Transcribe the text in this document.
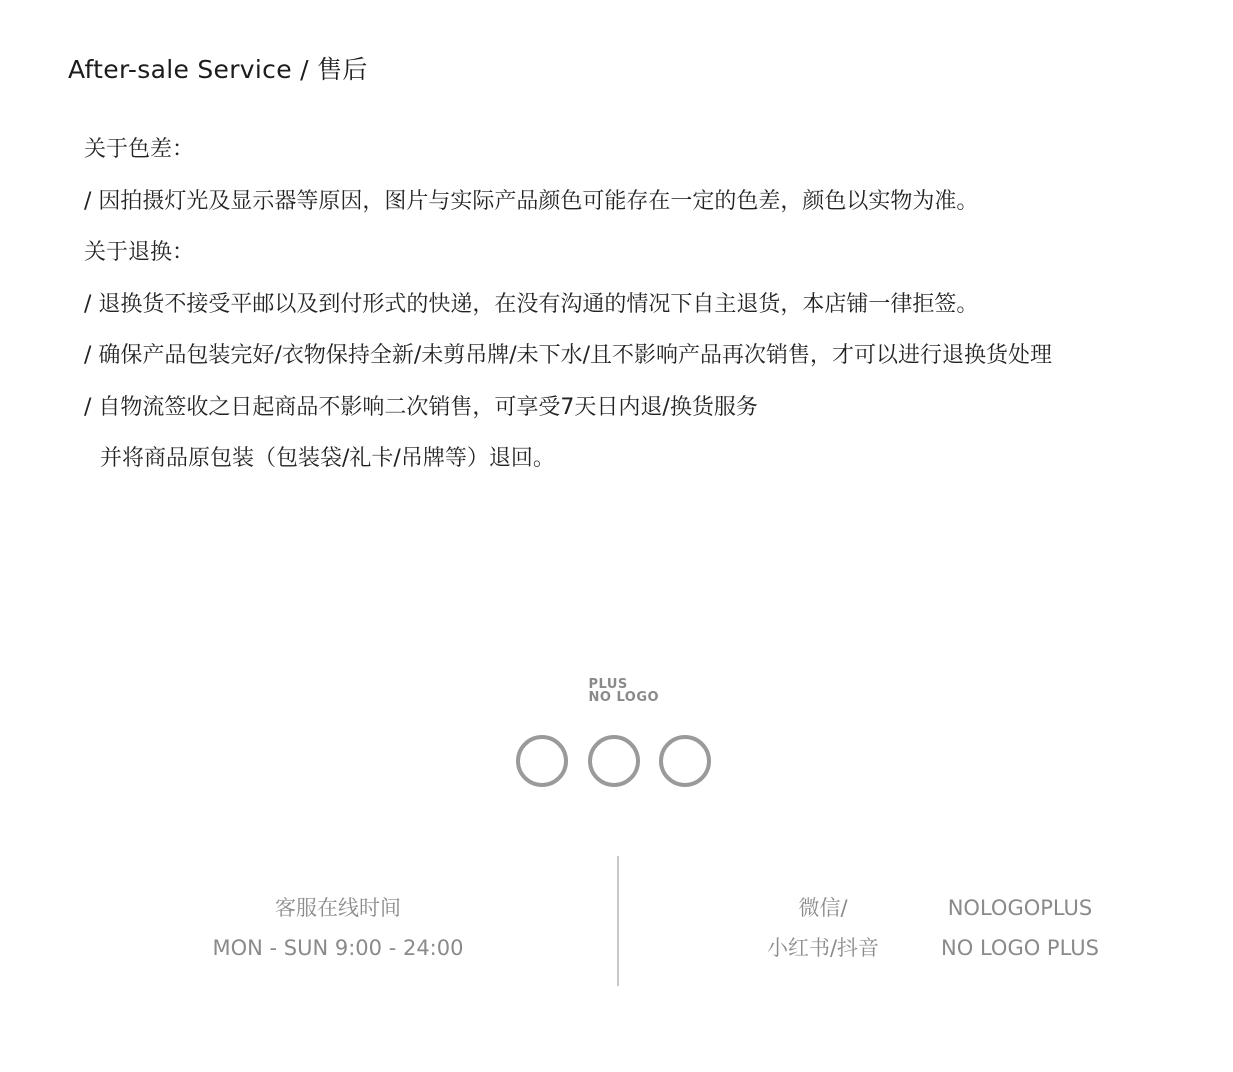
After-sale Service / 售后
关于色差：
/ 因拍摄灯光及显示器等原因，图片与实际产品颜色可能存在一定的色差，颜色以实物为准。
关于退换：
/ 退换货不接受平邮以及到付形式的快递，在没有沟通的情况下自主退货，本店铺一律拒签。
/ 确保产品包装完好/衣物保持全新/未剪吊牌/未下水/且不影响产品再次销售，才可以进行退换货处理
/ 自物流签收之日起商品不影响二次销售，可享受7天日内退/换货服务
并将商品原包装（包装袋/礼卡/吊牌等）退回。
PLUS
NO LOGO
客服在线时间
MON - SUN 9:00 - 24:00
微信/
小红书/抖音
NOLOGOPLUS
NO LOGO PLUS
